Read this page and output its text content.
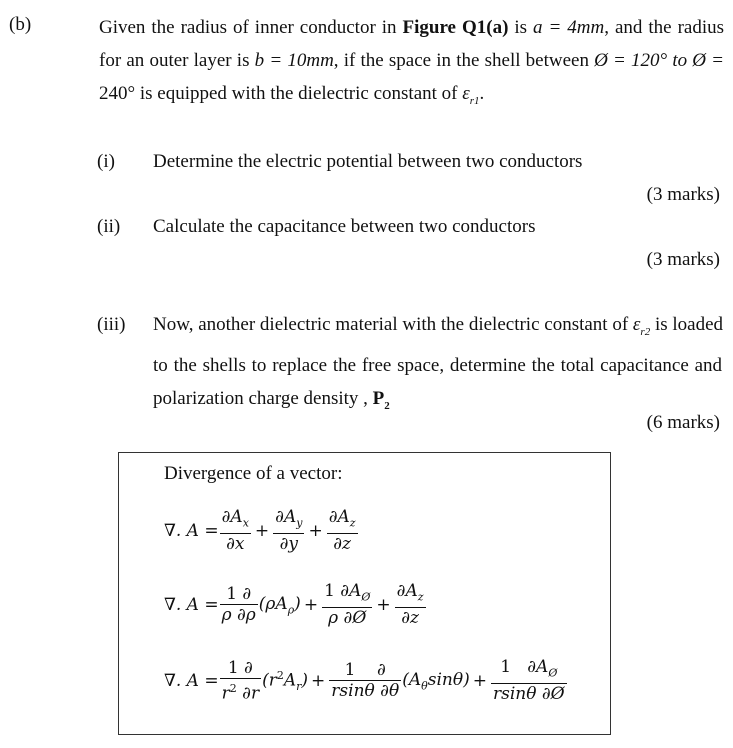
(b)	Given the radius of inner conductor in Figure Q1(a) is a = 4mm, and the radius
for an outer layer is b = 10mm, if the space in the shell between Ø = 120° to Ø =
240° is equipped with the dielectric constant of $\varepsilon_{r1}$.
(i) Determine the electric potential between two conductors
(3 marks)
(ii) Calculate the capacitance between two conductors
(3 marks)
(iii) Now, another dielectric material with the dielectric constant of $\varepsilon_{r2}$ is loaded
to the shells to replace the free space, determine the total capacitance and
polarization charge density , $P_2$
(6 marks)
Divergence of a vector:
∇. $A = \frac{\partial A_x}{\partial x} + \frac{\partial A_y}{\partial y} + \frac{\partial A_z}{\partial z}$
∇. $A = \frac{1 \partial}{\rho \partial\rho} (\rho A_\rho) + \frac{1 \partial A_Ø}{\rho \partial Ø} + \frac{\partial A_z}{\partial z}$
∇. $A = \frac{1 \partial}{r^2 \partial r} (r^2A_r) + \frac{1 \partial}{rsin\theta \partial\theta} (A_\theta\sin\theta) + \frac{1 \partial A_Ø}{rsin\theta \partial Ø}$
